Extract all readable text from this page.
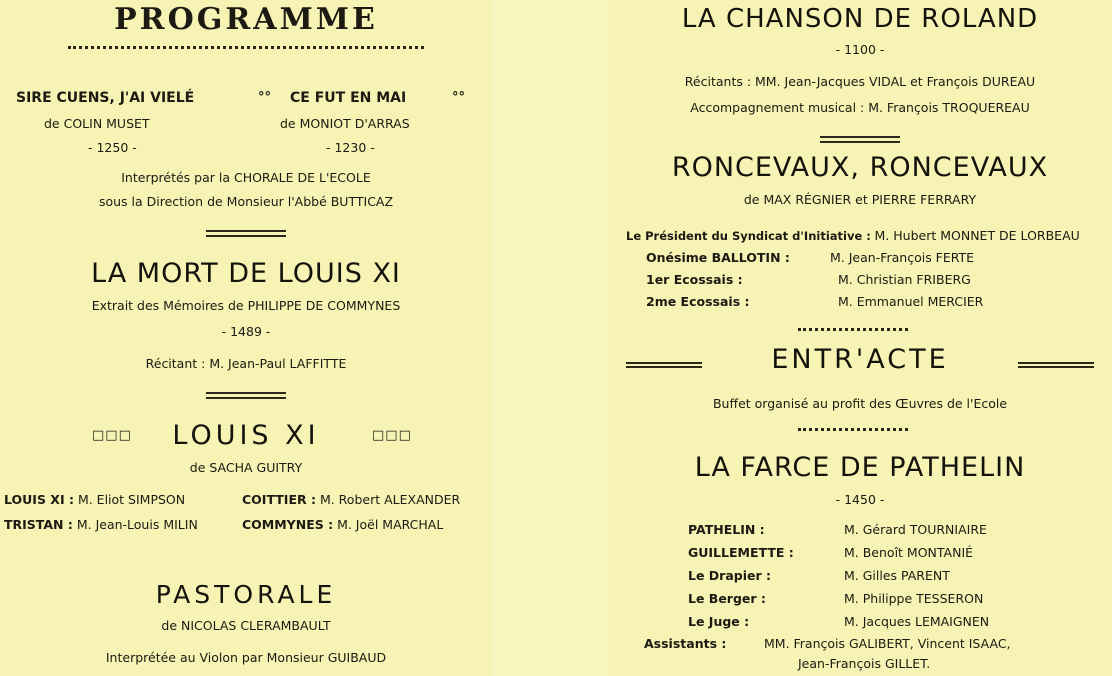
PROGRAMME
SIRE CUENS, J'AI VIELÉ	°° CE FUT EN MAI	°°
de COLIN MUSET	de MONIOT D'ARRAS
- 1250 -	- 1230 -
Interprétés par la CHORALE DE L'ECOLE
sous la Direction de Monsieur l'Abbé BUTTICAZ
LA MORT DE LOUIS XI
Extrait des Mémoires de PHILIPPE DE COMMYNES
- 1489 -
Récitant : M. Jean-Paul LAFFITTE
□□□	LOUIS XI	□□□
de SACHA GUITRY
LOUIS XI : M. Eliot SIMPSON	COITTIER : M. Robert ALEXANDER
TRISTAN : M. Jean-Louis MILIN	COMMYNES : M. Joël MARCHAL
PASTORALE
de NICOLAS CLERAMBAULT
Interprétée au Violon par Monsieur GUIBAUD
LA CHANSON DE ROLAND
- 1100 -
Récitants : MM. Jean-Jacques VIDAL et François DUREAU
Accompagnement musical : M. François TROQUEREAU
RONCEVAUX, RONCEVAUX
de MAX RÉGNIER et PIERRE FERRARY
Le Président du Syndicat d'Initiative : M. Hubert MONNET DE LORBEAU
Onésime BALLOTIN :	M. Jean-François FERTE
1er Ecossais :	M. Christian FRIBERG
2me Ecossais :	M. Emmanuel MERCIER
ENTR'ACTE
Buffet organisé au profit des Œuvres de l'Ecole
LA FARCE DE PATHELIN
- 1450 -
PATHELIN :	M. Gérard TOURNIAIRE
GUILLEMETTE :	M. Benoît MONTANIÉ
Le Drapier :	M. Gilles PARENT
Le Berger :	M. Philippe TESSERON
Le Juge :	M. Jacques LEMAIGNEN
Assistants :	MM. François GALIBERT, Vincent ISAAC,
Jean-François GILLET.
